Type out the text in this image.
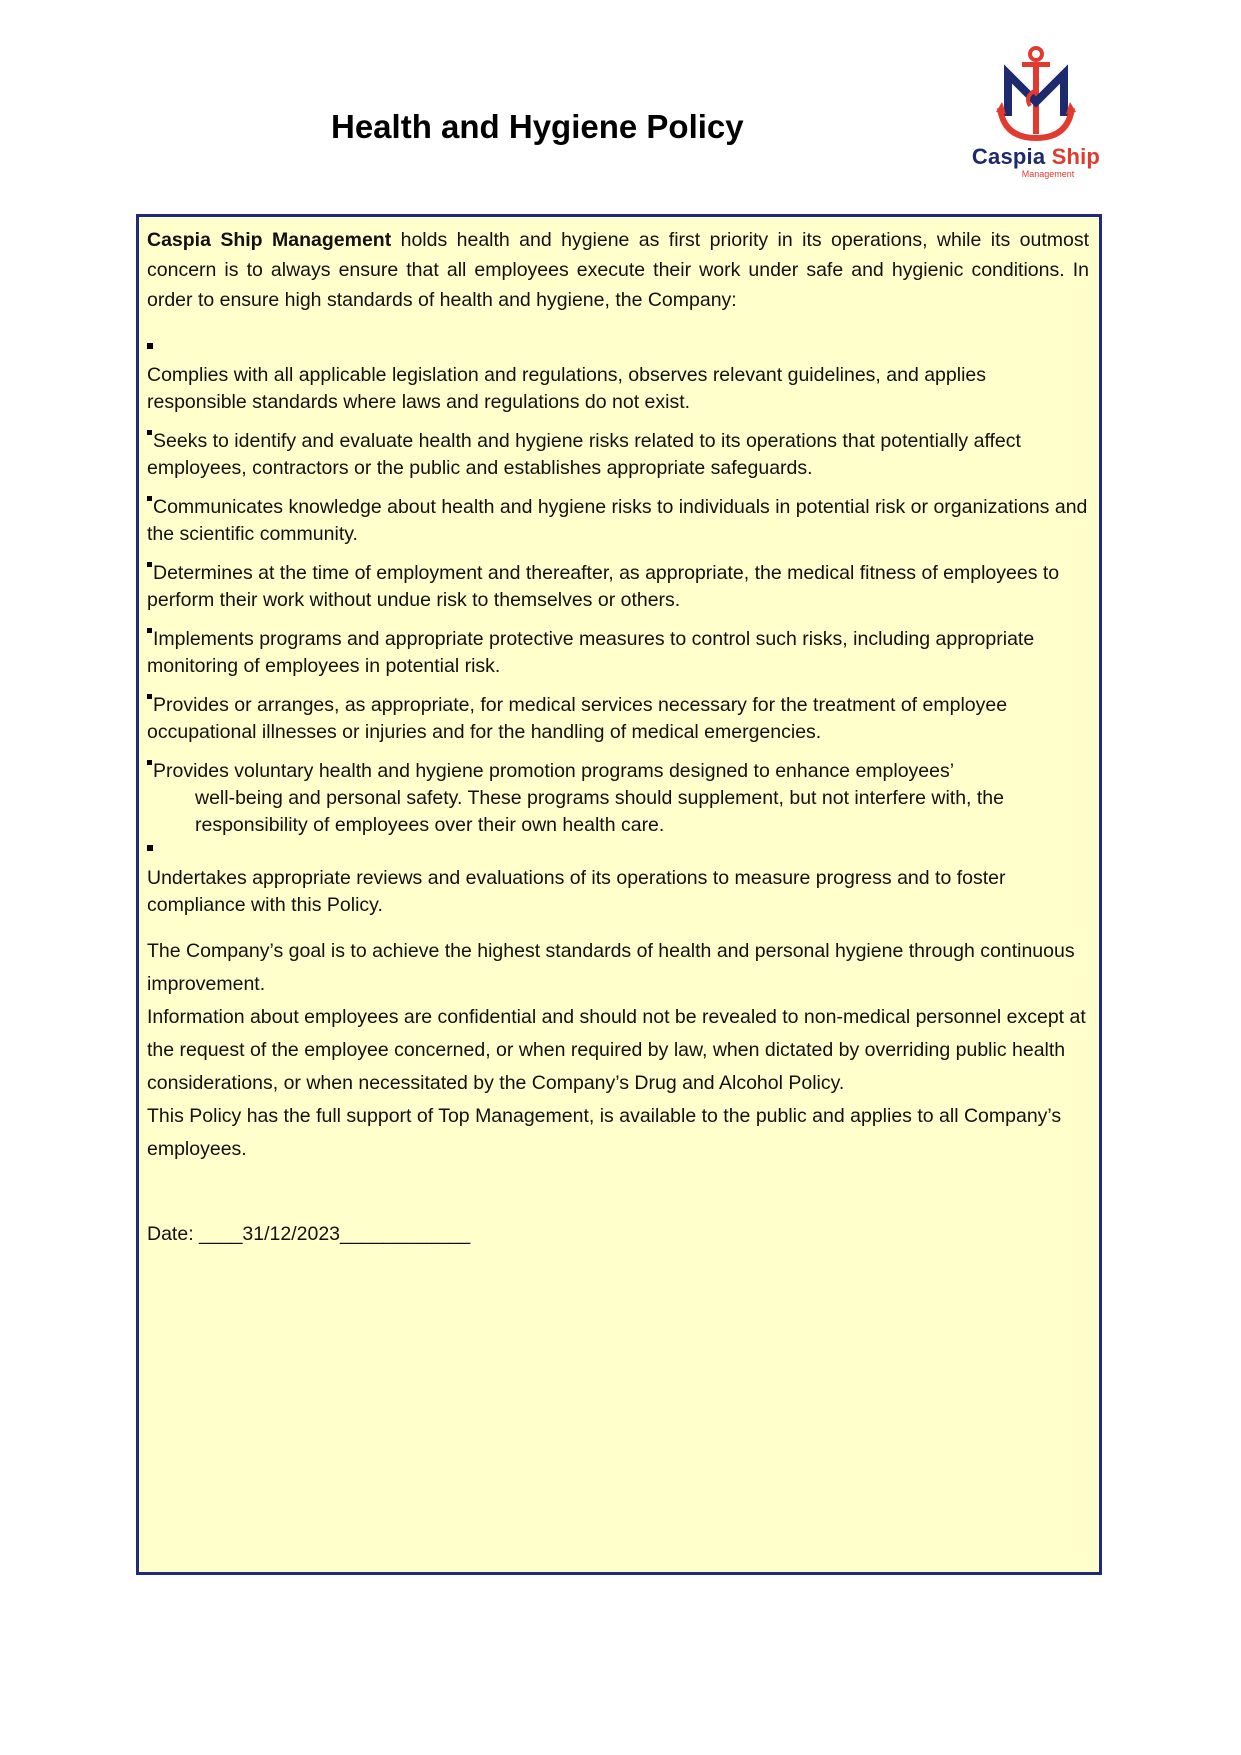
Health and Hygiene Policy
Caspia Ship
Management

Caspia Ship Management holds health and hygiene as first priority in its operations, while its outmost concern is to always ensure that all employees execute their work under safe and hygienic conditions. In order to ensure high standards of health and hygiene, the Company:

Complies with all applicable legislation and regulations, observes relevant guidelines, and applies responsible standards where laws and regulations do not exist.
Seeks to identify and evaluate health and hygiene risks related to its operations that potentially affect employees, contractors or the public and establishes appropriate safeguards.
Communicates knowledge about health and hygiene risks to individuals in potential risk or organizations and the scientific community.
Determines at the time of employment and thereafter, as appropriate, the medical fitness of employees to perform their work without undue risk to themselves or others.
Implements programs and appropriate protective measures to control such risks, including appropriate monitoring of employees in potential risk.
Provides or arranges, as appropriate, for medical services necessary for the treatment of employee occupational illnesses or injuries and for the handling of medical emergencies.
Provides voluntary health and hygiene promotion programs designed to enhance employees’
well-being and personal safety. These programs should supplement, but not interfere with, the responsibility of employees over their own health care.
Undertakes appropriate reviews and evaluations of its operations to measure progress and to foster compliance with this Policy.

The Company’s goal is to achieve the highest standards of health and personal hygiene through continuous improvement.

Information about employees are confidential and should not be revealed to non-medical personnel except at the request of the employee concerned, or when required by law, when dictated by overriding public health considerations, or when necessitated by the Company’s Drug and Alcohol Policy.

This Policy has the full support of Top Management, is available to the public and applies to all Company’s employees.

Date: ____31/12/2023____________
